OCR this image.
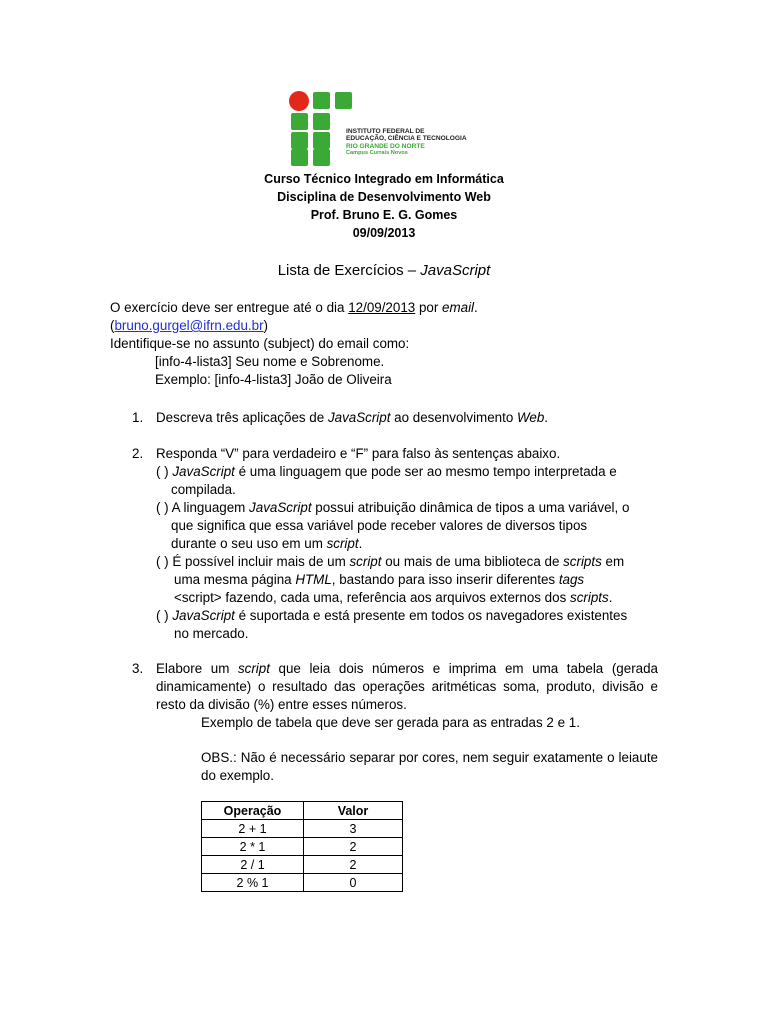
INSTITUTO FEDERAL DE
EDUCAÇÃO, CIÊNCIA E TECNOLOGIA
RIO GRANDE DO NORTE
Campus Currais Novos
Curso Técnico Integrado em Informática
Disciplina de Desenvolvimento Web
Prof. Bruno E. G. Gomes
09/09/2013
Lista de Exercícios – JavaScript
O exercício deve ser entregue até o dia 12/09/2013 por email.
(bruno.gurgel@ifrn.edu.br)
Identifique-se no assunto (subject) do email como:
[info-4-lista3] Seu nome e Sobrenome.
Exemplo: [info-4-lista3] João de Oliveira
1. Descreva três aplicações de JavaScript ao desenvolvimento Web.
2. Responda “V” para verdadeiro e “F” para falso às sentenças abaixo.
( ) JavaScript é uma linguagem que pode ser ao mesmo tempo interpretada e
compilada.
( ) A linguagem JavaScript possui atribuição dinâmica de tipos a uma variável, o
que significa que essa variável pode receber valores de diversos tipos
durante o seu uso em um script.
( ) É possível incluir mais de um script ou mais de uma biblioteca de scripts em
uma mesma página HTML, bastando para isso inserir diferentes tags
<script> fazendo, cada uma, referência aos arquivos externos dos scripts.
( ) JavaScript é suportada e está presente em todos os navegadores existentes
no mercado.
3. Elabore um script que leia dois números e imprima em uma tabela (gerada dinamicamente) o resultado das operações aritméticas soma, produto, divisão e resto da divisão (%) entre esses números.
Exemplo de tabela que deve ser gerada para as entradas 2 e 1.
OBS.: Não é necessário separar por cores, nem seguir exatamente o leiaute do exemplo.
Operação	Valor
2 + 1	3
2 * 1	2
2 / 1	2
2 % 1	0
